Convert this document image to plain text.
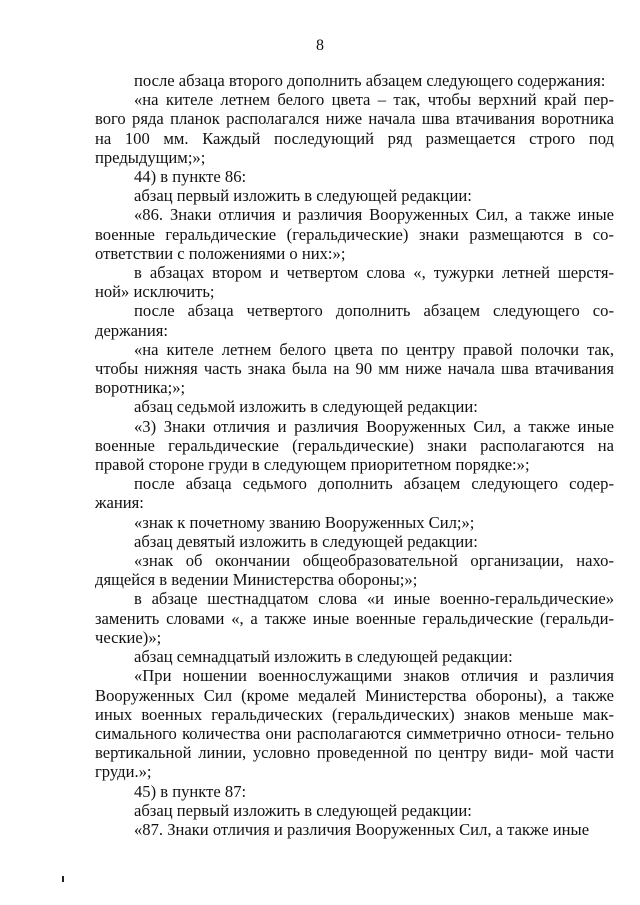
8

после абзаца второго дополнить абзацем следующего содержания:

«на кителе летнем белого цвета – так, чтобы верхний край пер- вого ряда планок располагался ниже начала шва втачивания воротника на 100 мм. Каждый последующий ряд размещается строго под предыдущим;»;

44) в пункте 86:

абзац первый изложить в следующей редакции:

«86. Знаки отличия и различия Вооруженных Сил, а также иные военные геральдические (геральдические) знаки размещаются в со- ответствии с положениями о них:»;

в абзацах втором и четвертом слова «, тужурки летней шерстя- ной» исключить;

после абзаца четвертого дополнить абзацем следующего со- держания:

«на кителе летнем белого цвета по центру правой полочки так, чтобы нижняя часть знака была на 90 мм ниже начала шва втачивания воротника;»;

абзац седьмой изложить в следующей редакции:

«3) Знаки отличия и различия Вооруженных Сил, а также иные военные геральдические (геральдические) знаки располагаются на правой стороне груди в следующем приоритетном порядке:»;

после абзаца седьмого дополнить абзацем следующего содер- жания:

«знак к почетному званию Вооруженных Сил;»;

абзац девятый изложить в следующей редакции:

«знак об окончании общеобразовательной организации, нахо- дящейся в ведении Министерства обороны;»;

в абзаце шестнадцатом слова «и иные военно-геральдические» заменить словами «, а также иные военные геральдические (геральди- ческие)»;

абзац семнадцатый изложить в следующей редакции:

«При ношении военнослужащими знаков отличия и различия Вооруженных Сил (кроме медалей Министерства обороны), а также иных военных геральдических (геральдических) знаков меньше мак- симального количества они располагаются симметрично относи- тельно вертикальной линии, условно проведенной по центру види- мой части груди.»;

45) в пункте 87:

абзац первый изложить в следующей редакции:

«87. Знаки отличия и различия Вооруженных Сил, а также иные
